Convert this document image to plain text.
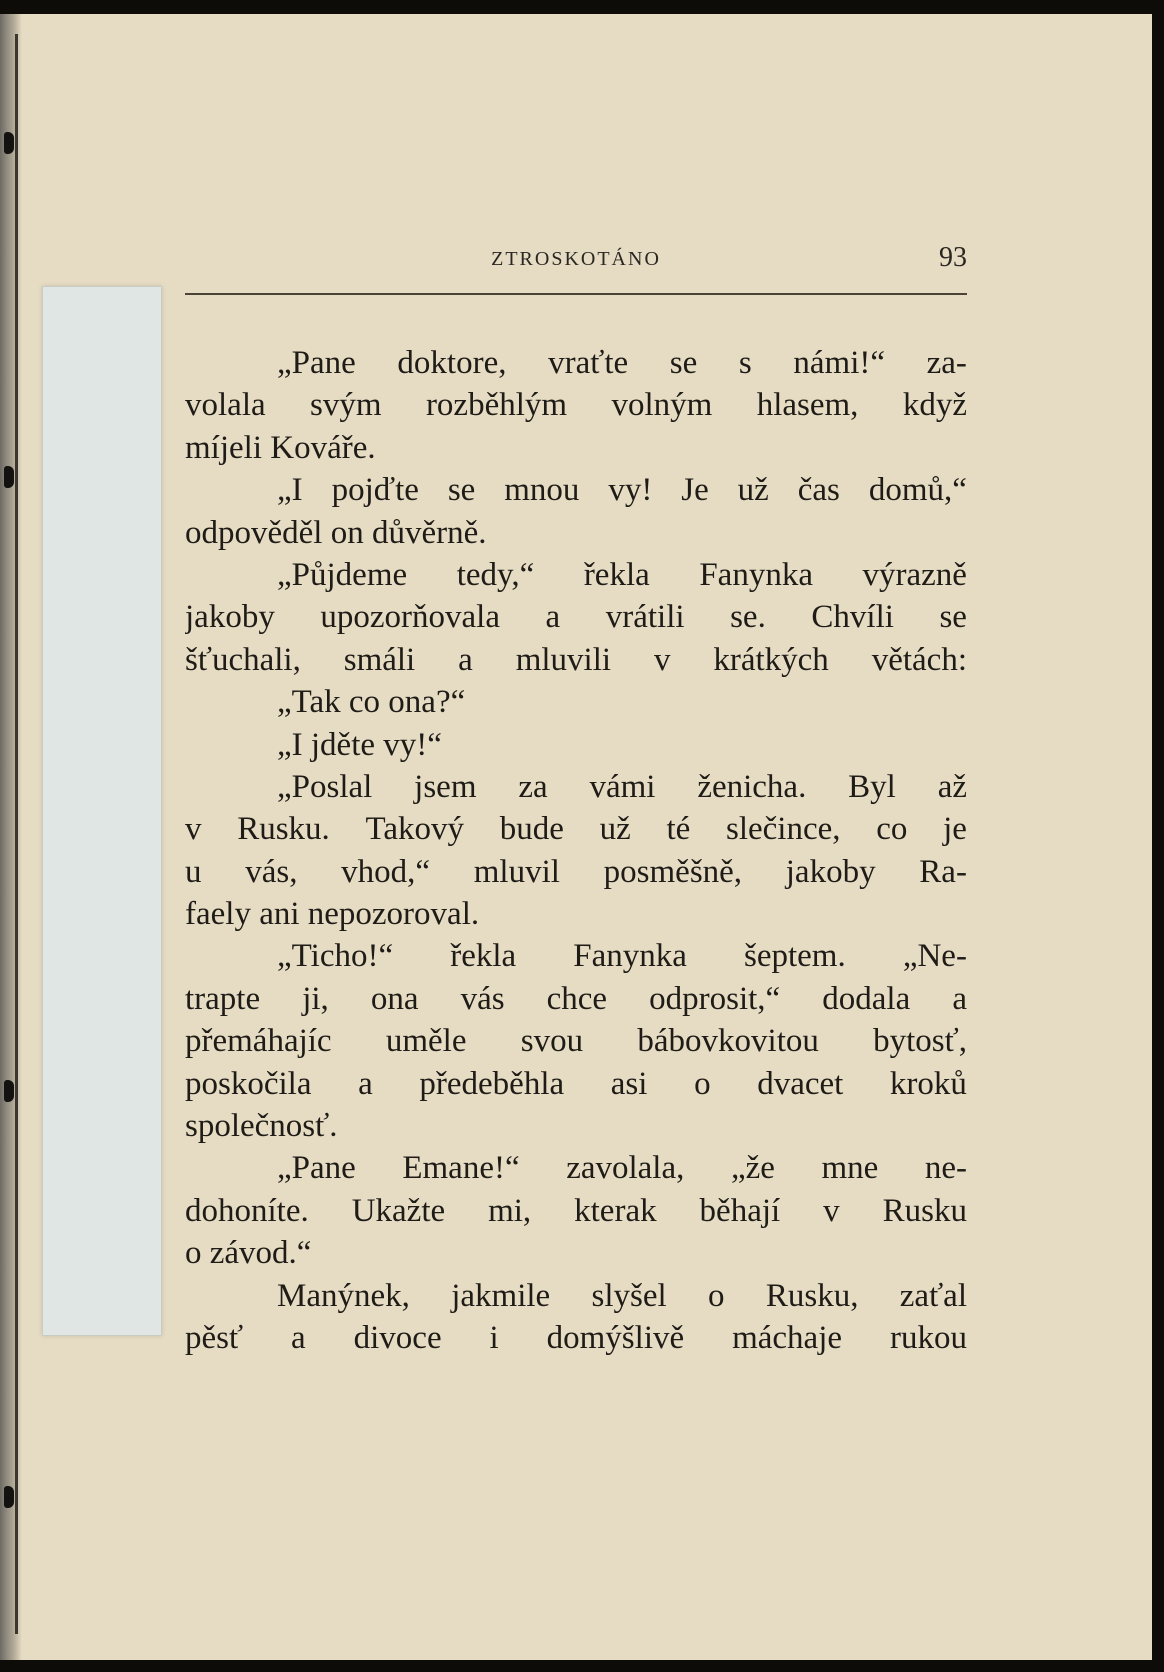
ZTROSKOTÁNO	93
„Pane doktore, vraťte se s námi!“ za-
volala svým rozběhlým volným hlasem, když
míjeli Kováře.
„I pojďte se mnou vy! Je už čas domů,“
odpověděl on důvěrně.
„Půjdeme tedy,“ řekla Fanynka výrazně
jakoby upozorňovala a vrátili se. Chvíli se
šťuchali, smáli a mluvili v krátkých větách:
„Tak co ona?“
„I jděte vy!“
„Poslal jsem za vámi ženicha. Byl až
v Rusku. Takový bude už té slečince, co je
u vás, vhod,“ mluvil posměšně, jakoby Ra-
faely ani nepozoroval.
„Ticho!“ řekla Fanynka šeptem. „Ne-
trapte ji, ona vás chce odprosit,“ dodala a
přemáhajíc uměle svou bábovkovitou bytosť,
poskočila a předeběhla asi o dvacet kroků
společnosť.
„Pane Emane!“ zavolala, „že mne ne-
dohoníte. Ukažte mi, kterak běhají v Rusku
o závod.“
Manýnek, jakmile slyšel o Rusku, zaťal
pěsť a divoce i domýšlivě máchaje rukou
